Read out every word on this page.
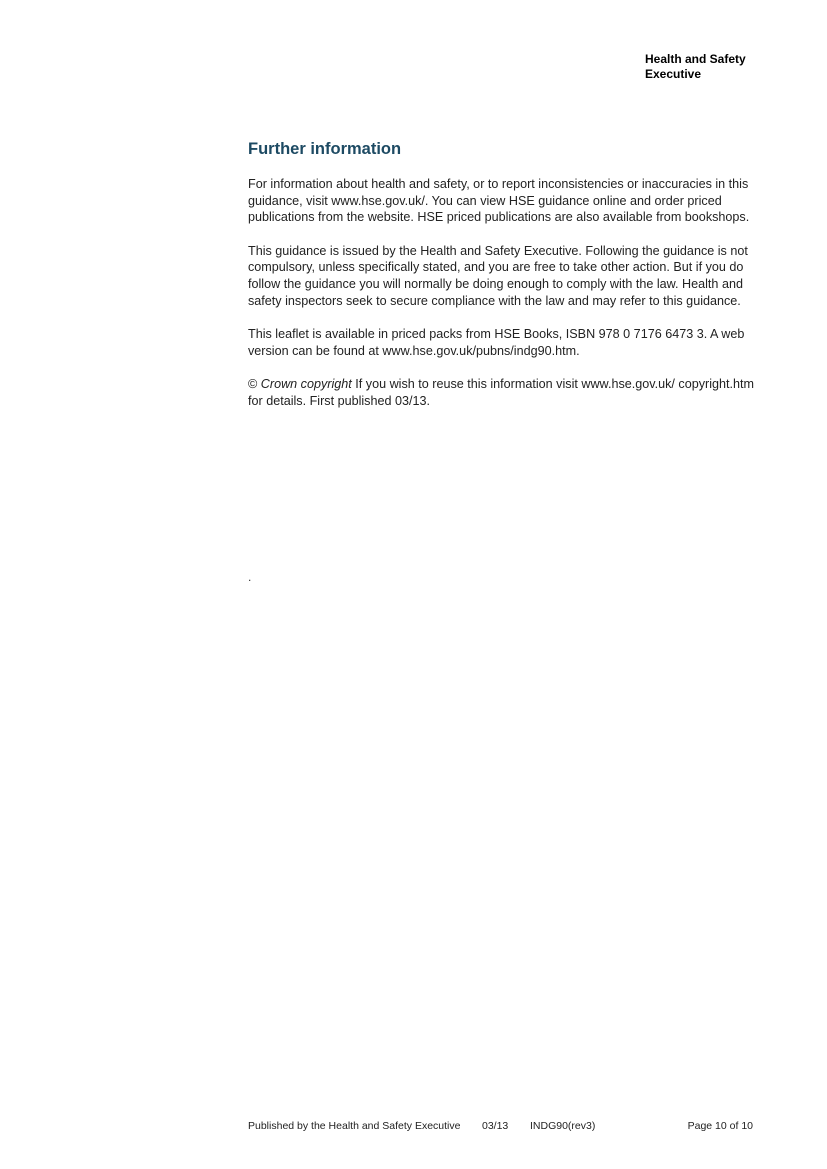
Health and Safety
Executive
Further information

For information about health and safety, or to report inconsistencies or inaccuracies in this guidance, visit www.hse.gov.uk/. You can view HSE guidance online and order priced publications from the website. HSE priced publications are also available from bookshops.

This guidance is issued by the Health and Safety Executive. Following the guidance is not compulsory, unless specifically stated, and you are free to take other action. But if you do follow the guidance you will normally be doing enough to comply with the law. Health and safety inspectors seek to secure compliance with the law and may refer to this guidance.

This leaflet is available in priced packs from HSE Books, ISBN 978 0 7176 6473 3. A web version can be found at www.hse.gov.uk/pubns/indg90.htm.

© Crown copyright If you wish to reuse this information visit www.hse.gov.uk/ copyright.htm for details. First published 03/13.

.
Published by the Health and Safety Executive 03/13 INDG90(rev3)	Page 10 of 10
